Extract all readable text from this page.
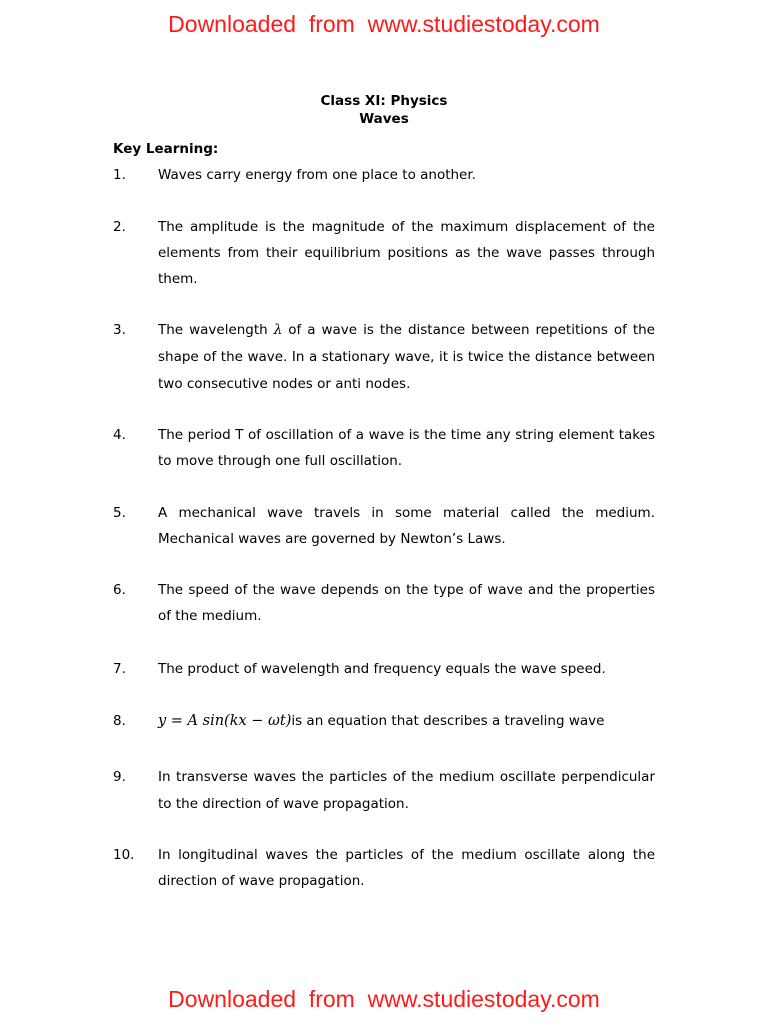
Downloaded  from  www.studiestoday.com
Class XI: Physics
Waves
Key Learning:
1. Waves carry energy from one place to another.
2. The amplitude is the magnitude of the maximum displacement of the elements from their equilibrium positions as the wave passes through them.
3. The wavelength λ of a wave is the distance between repetitions of the shape of the wave. In a stationary wave, it is twice the distance between two consecutive nodes or anti nodes.
4. The period T of oscillation of a wave is the time any string element takes to move through one full oscillation.
5. A mechanical wave travels in some material called the medium. Mechanical waves are governed by Newton’s Laws.
6. The speed of the wave depends on the type of wave and the properties of the medium.
7. The product of wavelength and frequency equals the wave speed.
8. y = A sin(kx − ωt)is an equation that describes a traveling wave
9. In transverse waves the particles of the medium oscillate perpendicular to the direction of wave propagation.
10. In longitudinal waves the particles of the medium oscillate along the direction of wave propagation.
Downloaded  from  www.studiestoday.com
